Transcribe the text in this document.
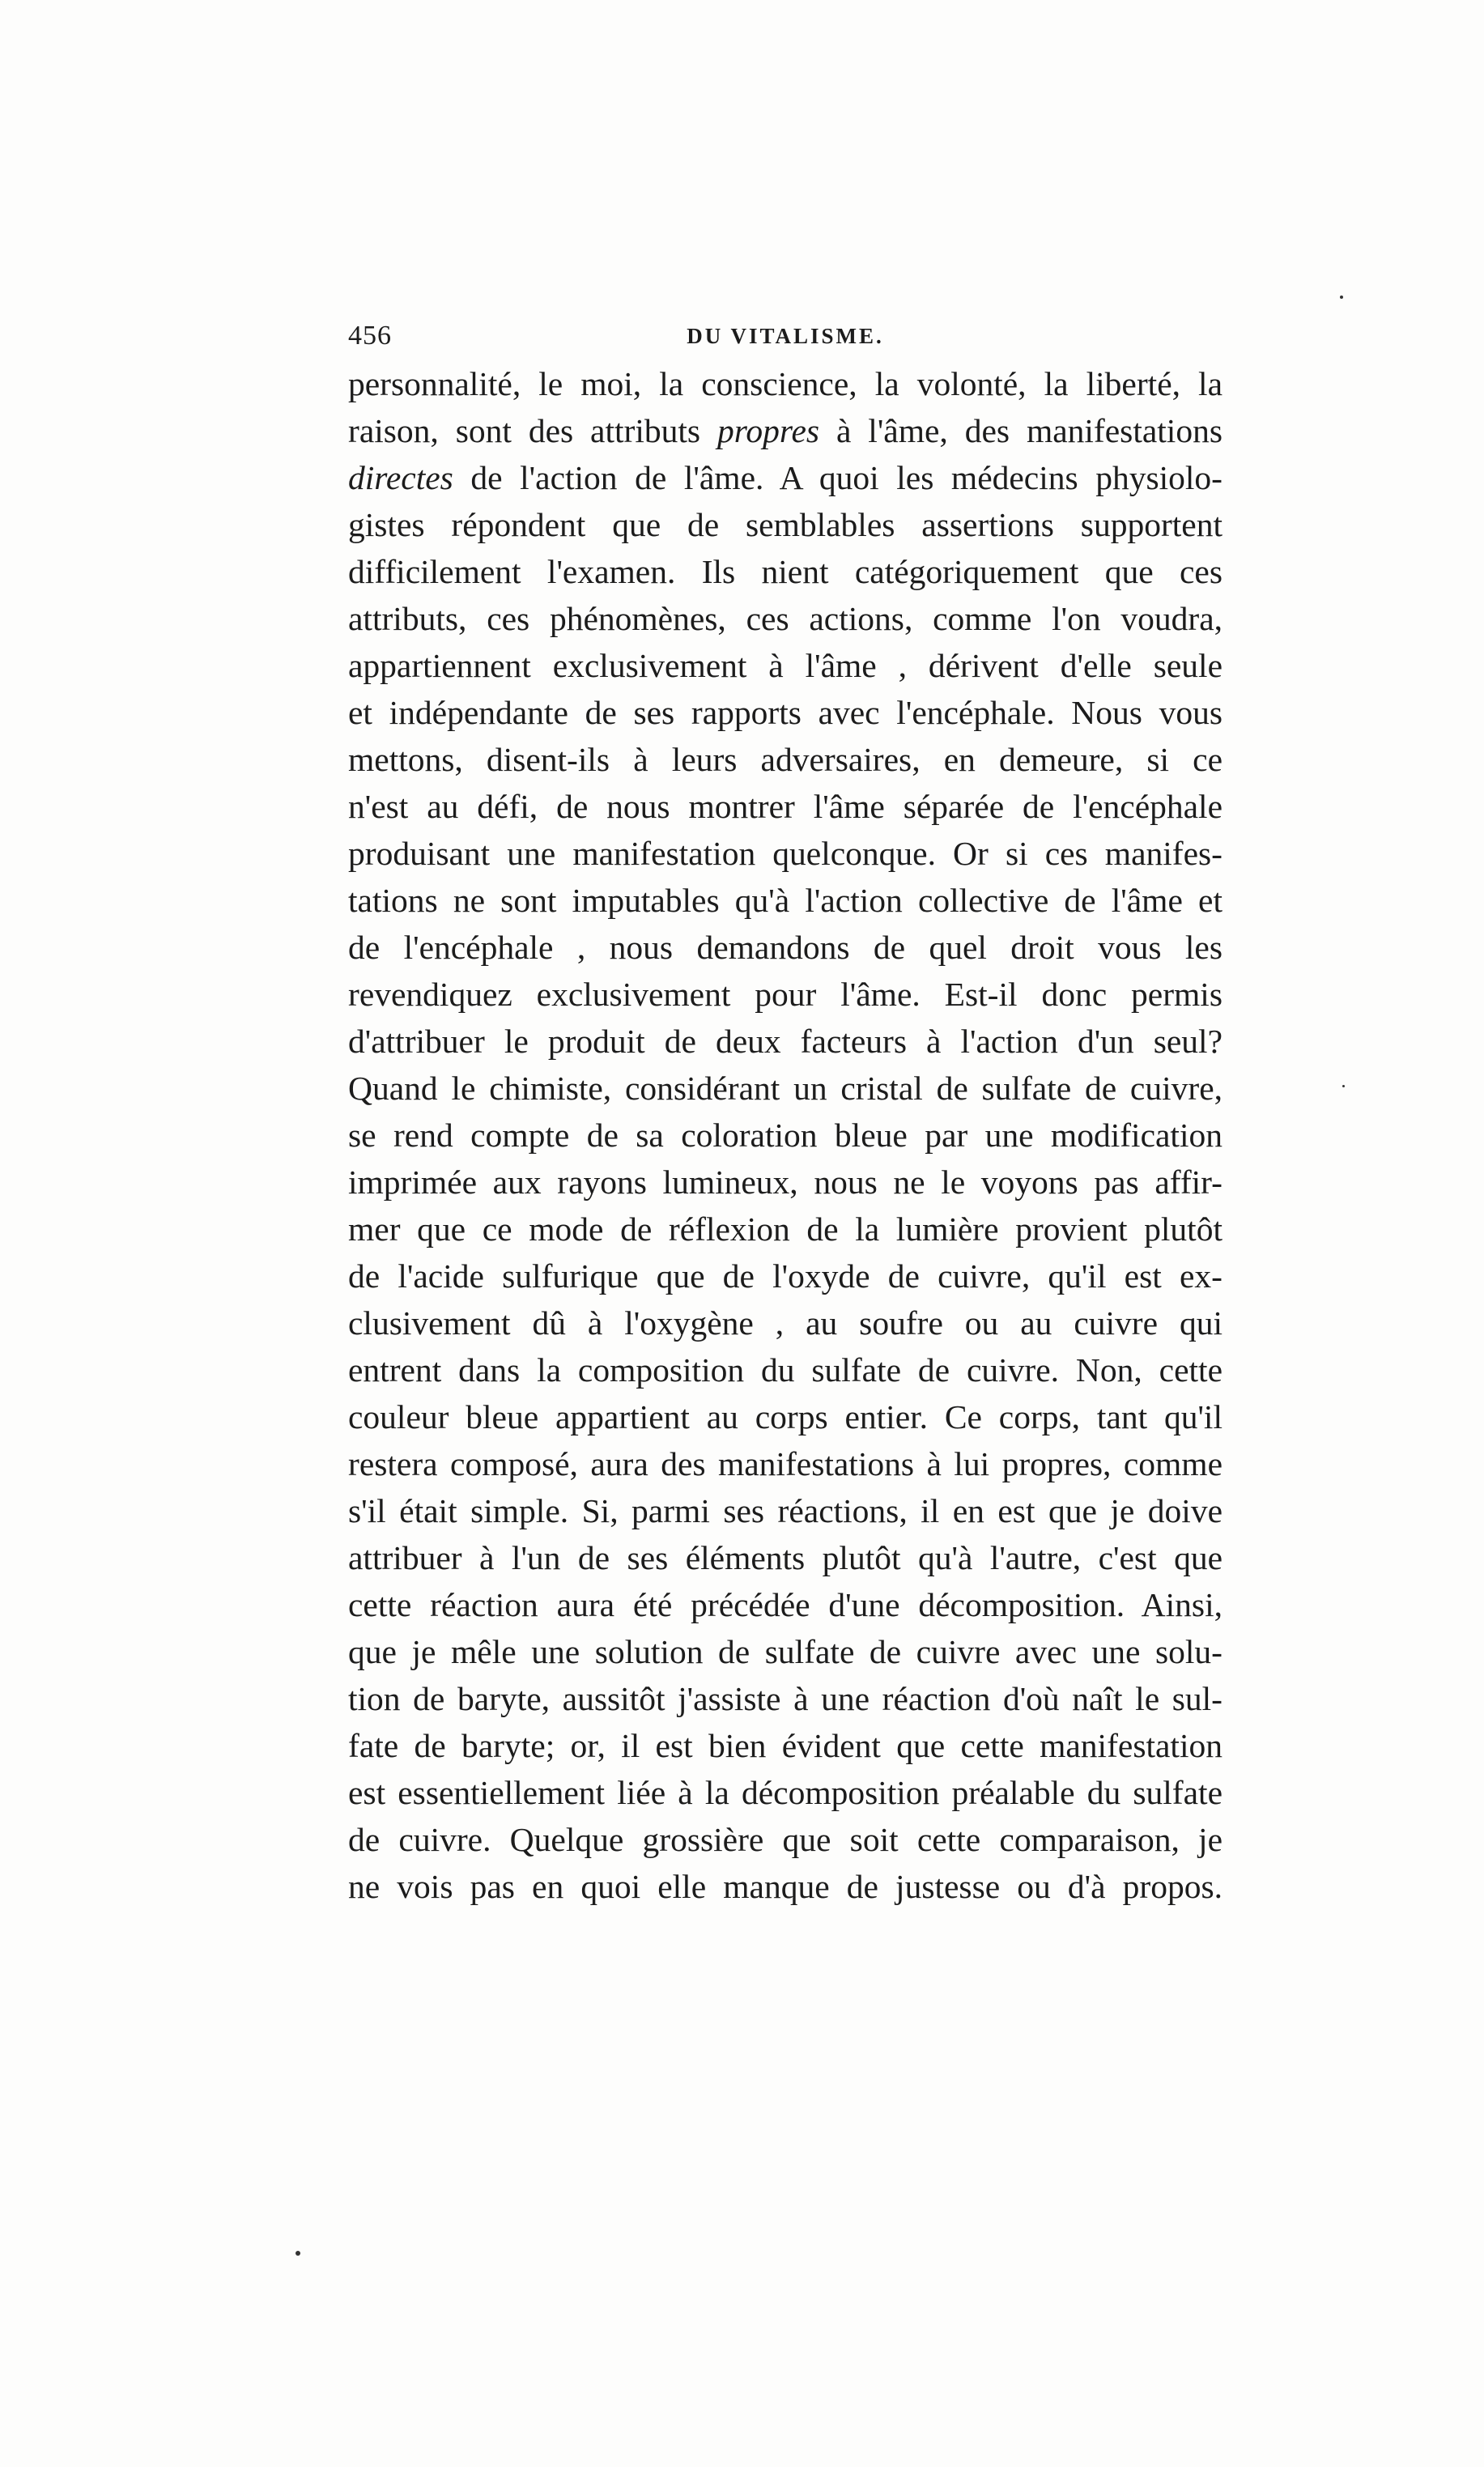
456	DU VITALISME.
personnalité, le moi, la conscience, la volonté, la liberté, la
raison, sont des attributs propres à l'âme, des manifestations
directes de l'action de l'âme. A quoi les médecins physiolo-
gistes répondent que de semblables assertions supportent
difficilement l'examen. Ils nient catégoriquement que ces
attributs, ces phénomènes, ces actions, comme l'on voudra,
appartiennent exclusivement à l'âme , dérivent d'elle seule
et indépendante de ses rapports avec l'encéphale. Nous vous
mettons, disent-ils à leurs adversaires, en demeure, si ce
n'est au défi, de nous montrer l'âme séparée de l'encéphale
produisant une manifestation quelconque. Or si ces manifes-
tations ne sont imputables qu'à l'action collective de l'âme et
de l'encéphale , nous demandons de quel droit vous les
revendiquez exclusivement pour l'âme. Est-il donc permis
d'attribuer le produit de deux facteurs à l'action d'un seul?
Quand le chimiste, considérant un cristal de sulfate de cuivre,
se rend compte de sa coloration bleue par une modification
imprimée aux rayons lumineux, nous ne le voyons pas affir-
mer que ce mode de réflexion de la lumière provient plutôt
de l'acide sulfurique que de l'oxyde de cuivre, qu'il est ex-
clusivement dû à l'oxygène , au soufre ou au cuivre qui
entrent dans la composition du sulfate de cuivre. Non, cette
couleur bleue appartient au corps entier. Ce corps, tant qu'il
restera composé, aura des manifestations à lui propres, comme
s'il était simple. Si, parmi ses réactions, il en est que je doive
attribuer à l'un de ses éléments plutôt qu'à l'autre, c'est que
cette réaction aura été précédée d'une décomposition. Ainsi,
que je mêle une solution de sulfate de cuivre avec une solu-
tion de baryte, aussitôt j'assiste à une réaction d'où naît le sul-
fate de baryte; or, il est bien évident que cette manifestation
est essentiellement liée à la décomposition préalable du sulfate
de cuivre. Quelque grossière que soit cette comparaison, je
ne vois pas en quoi elle manque de justesse ou d'à propos.
